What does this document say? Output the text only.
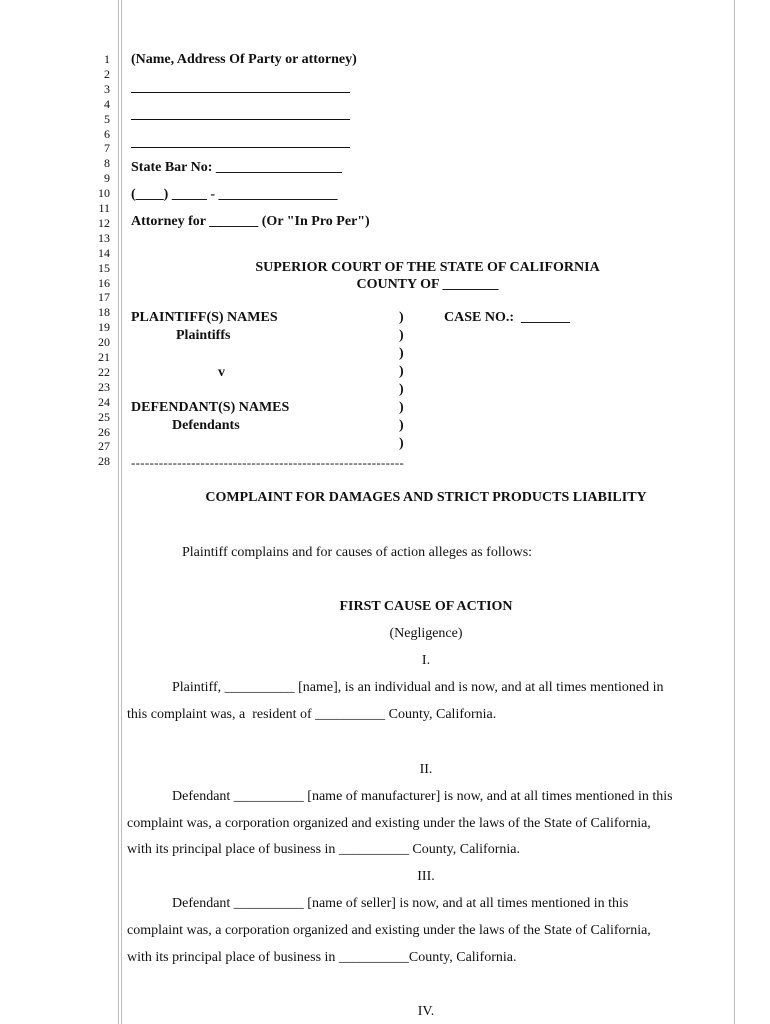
1
2
3
4
5
6
7
8
9
10
11
12
13
14
15
16
17
18
19
20
21
22
23
24
25
26
27
28
(Name, Address Of Party or attorney)
State Bar No: __________________
(____) _____ - _________________
Attorney for _______ (Or "In Pro Per")
SUPERIOR COURT OF THE STATE OF CALIFORNIA
COUNTY OF ________
PLAINTIFF(S) NAMES
Plaintiffs
v
DEFENDANT(S) NAMES
Defendants
)
)
)
)
)
)
)
)
CASE NO.:  _______
-----------------------------------------------------------
COMPLAINT FOR DAMAGES AND STRICT PRODUCTS LIABILITY
Plaintiff complains and for causes of action alleges as follows:
FIRST CAUSE OF ACTION
(Negligence)
I.
Plaintiff, __________ [name], is an individual and is now, and at all times mentioned in
this complaint was, a  resident of __________ County, California.
II.
Defendant __________ [name of manufacturer] is now, and at all times mentioned in this
complaint was, a corporation organized and existing under the laws of the State of California,
with its principal place of business in __________ County, California.
III.
Defendant __________ [name of seller] is now, and at all times mentioned in this
complaint was, a corporation organized and existing under the laws of the State of California,
with its principal place of business in __________County, California.
IV.
